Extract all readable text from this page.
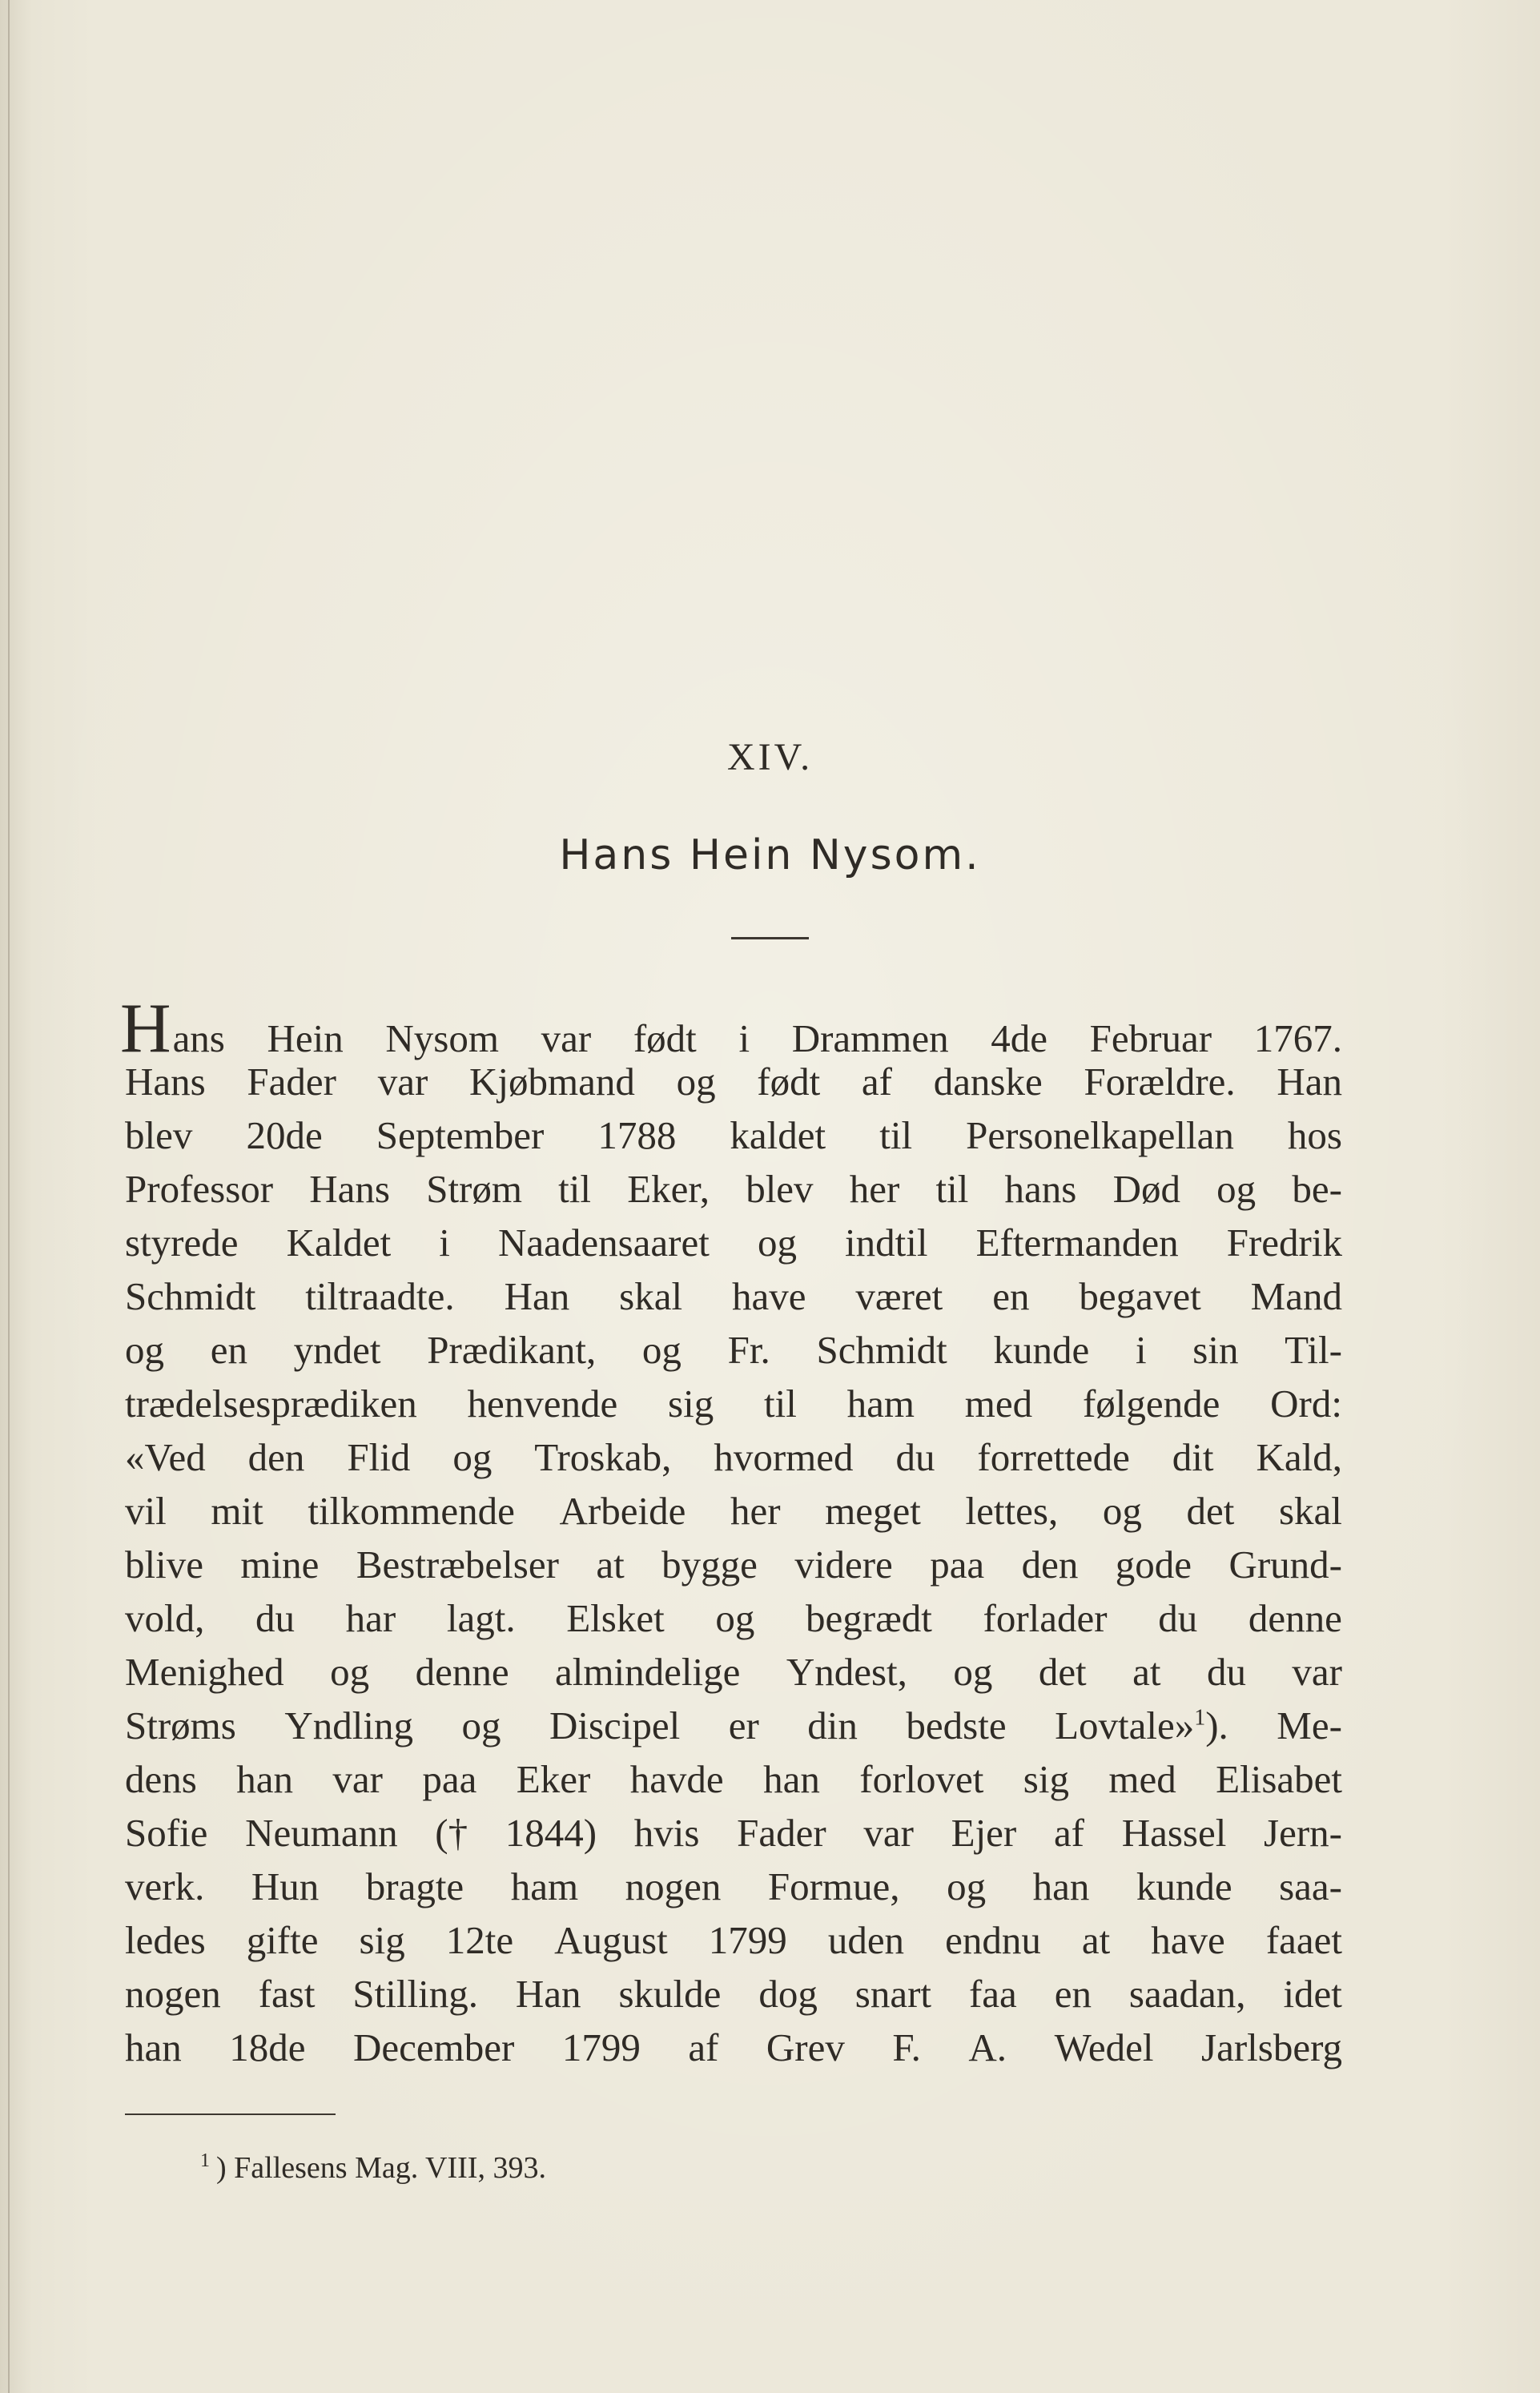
XIV.
Hans Hein Nysom.
H ans Hein Nysom var født i Drammen 4de Februar 1767.
Hans Fader var Kjøbmand og født af danske Forældre. Han
blev 20de September 1788 kaldet til Personelkapellan hos
Professor Hans Strøm til Eker, blev her til hans Død og be-
styrede Kaldet i Naadensaaret og indtil Eftermanden Fredrik
Schmidt tiltraadte. Han skal have været en begavet Mand
og en yndet Prædikant, og Fr. Schmidt kunde i sin Til-
trædelsesprædiken henvende sig til ham med følgende Ord:
«Ved den Flid og Troskab, hvormed du forrettede dit Kald,
vil mit tilkommende Arbeide her meget lettes, og det skal
blive mine Bestræbelser at bygge videre paa den gode Grund-
vold, du har lagt. Elsket og begrædt forlader du denne
Menighed og denne almindelige Yndest, og det at du var
Strøms Yndling og Discipel er din bedste Lovtale»$^1$). Me-
dens han var paa Eker havde han forlovet sig med Elisabet
Sofie Neumann († 1844) hvis Fader var Ejer af Hassel Jern-
verk. Hun bragte ham nogen Formue, og han kunde saa-
ledes gifte sig 12te August 1799 uden endnu at have faaet
nogen fast Stilling. Han skulde dog snart faa en saadan, idet
han 18de December 1799 af Grev F. A. Wedel Jarlsberg
$^1$ ) Fallesens Mag. VIII, 393.
